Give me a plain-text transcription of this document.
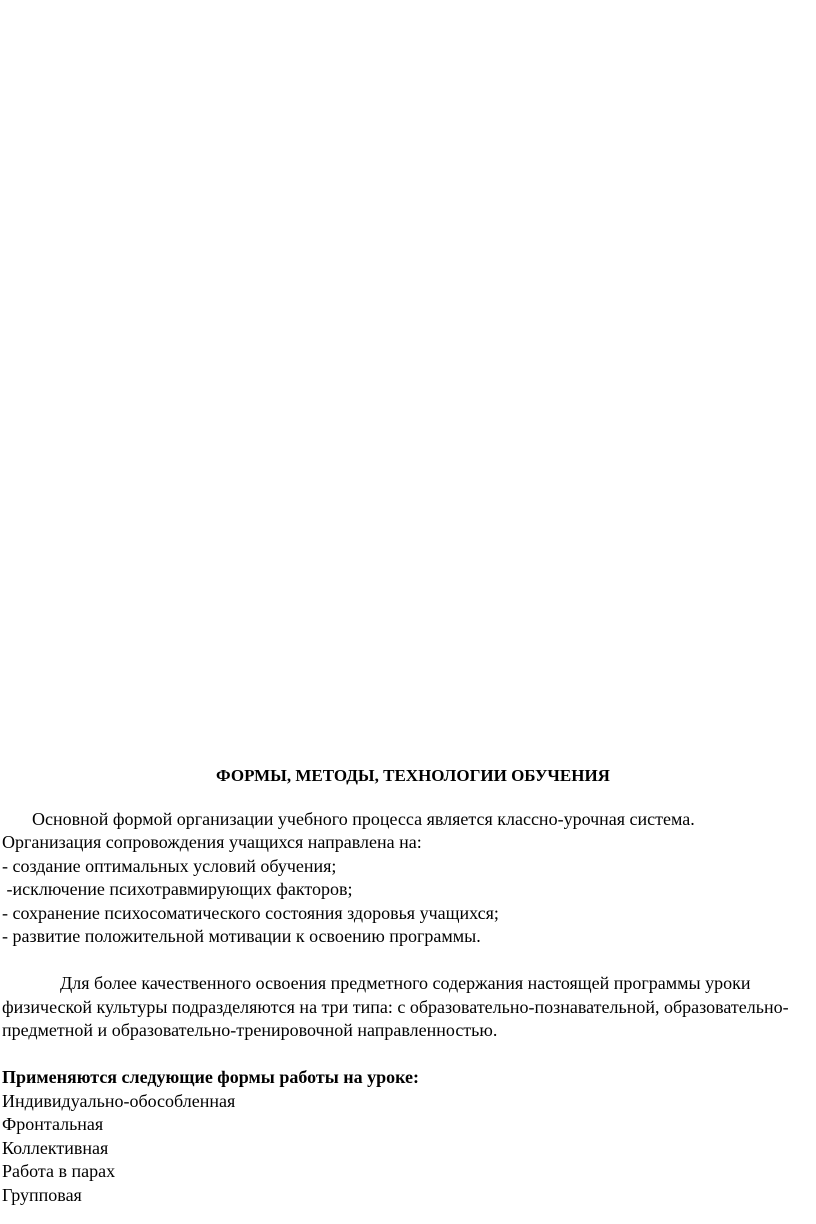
ФОРМЫ, МЕТОДЫ, ТЕХНОЛОГИИ ОБУЧЕНИЯ

Основной формой организации учебного процесса является классно-урочная система.

Организация сопровождения учащихся направлена на:

- создание оптимальных условий обучения;
-исключение психотравмирующих факторов;
- сохранение психосоматического состояния здоровья учащихся;
- развитие положительной мотивации к освоению программы.

Для более качественного освоения предметного содержания настоящей программы уроки физической культуры подразделяются на три типа: с образовательно-познавательной, образовательно-предметной и образовательно-тренировочной направленностью.

Применяются следующие формы работы на уроке:

Индивидуально-обособленная
Фронтальная
Коллективная
Работа в парах
Групповая
